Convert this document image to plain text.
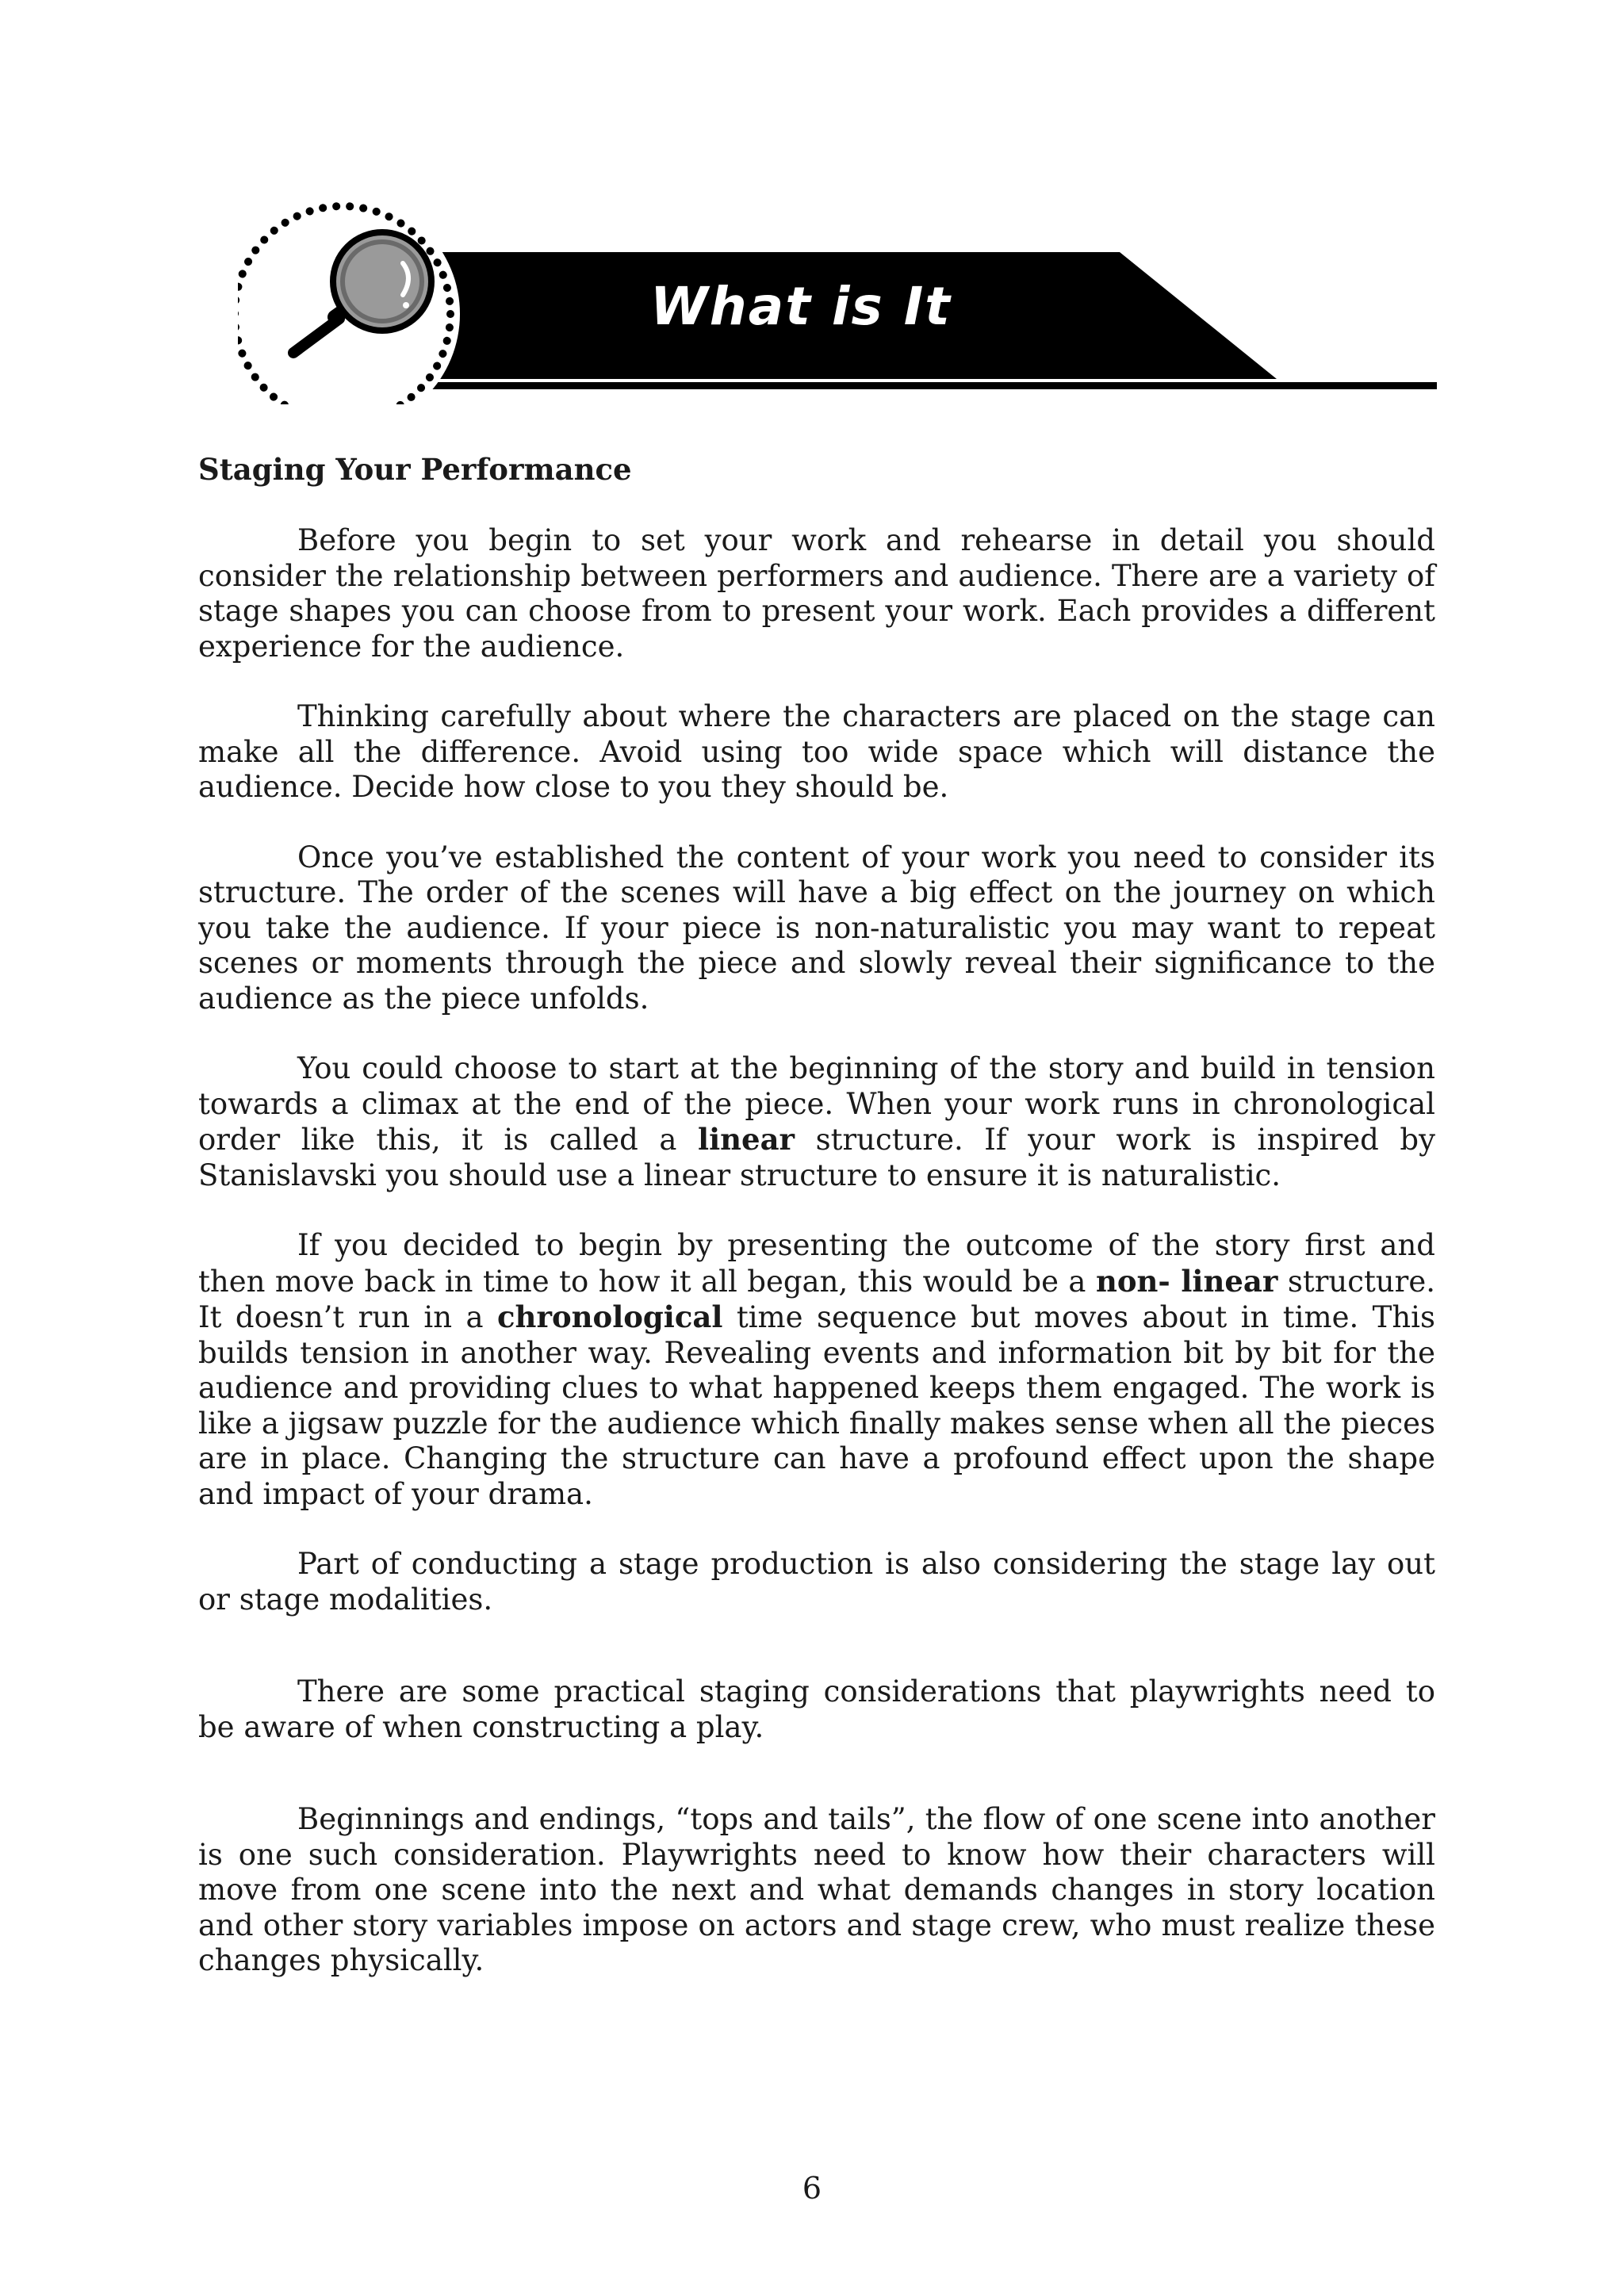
What is It
Staging Your Performance

Before you begin to set your work and rehearse in detail you should consider the relationship between performers and audience. There are a variety of stage shapes you can choose from to present your work. Each provides a different experience for the audience.

Thinking carefully about where the characters are placed on the stage can make all the difference. Avoid using too wide space which will distance the audience. Decide how close to you they should be.

Once you’ve established the content of your work you need to consider its structure. The order of the scenes will have a big effect on the journey on which you take the audience. If your piece is non-naturalistic you may want to repeat scenes or moments through the piece and slowly reveal their significance to the audience as the piece unfolds.

You could choose to start at the beginning of the story and build in tension towards a climax at the end of the piece. When your work runs in chronological order like this, it is called a linear structure. If your work is inspired by Stanislavski you should use a linear structure to ensure it is naturalistic.

If you decided to begin by presenting the outcome of the story first and then move back in time to how it all began, this would be a non- linear structure. It doesn’t run in a chronological time sequence but moves about in time. This builds tension in another way. Revealing events and information bit by bit for the audience and providing clues to what happened keeps them engaged. The work is like a jigsaw puzzle for the audience which finally makes sense when all the pieces are in place. Changing the structure can have a profound effect upon the shape and impact of your drama.

Part of conducting a stage production is also considering the stage lay out or stage modalities.

There are some practical staging considerations that playwrights need to be aware of when constructing a play.

Beginnings and endings, “tops and tails”, the flow of one scene into another is one such consideration. Playwrights need to know how their characters will move from one scene into the next and what demands changes in story location and other story variables impose on actors and stage crew, who must realize these changes physically.

6
